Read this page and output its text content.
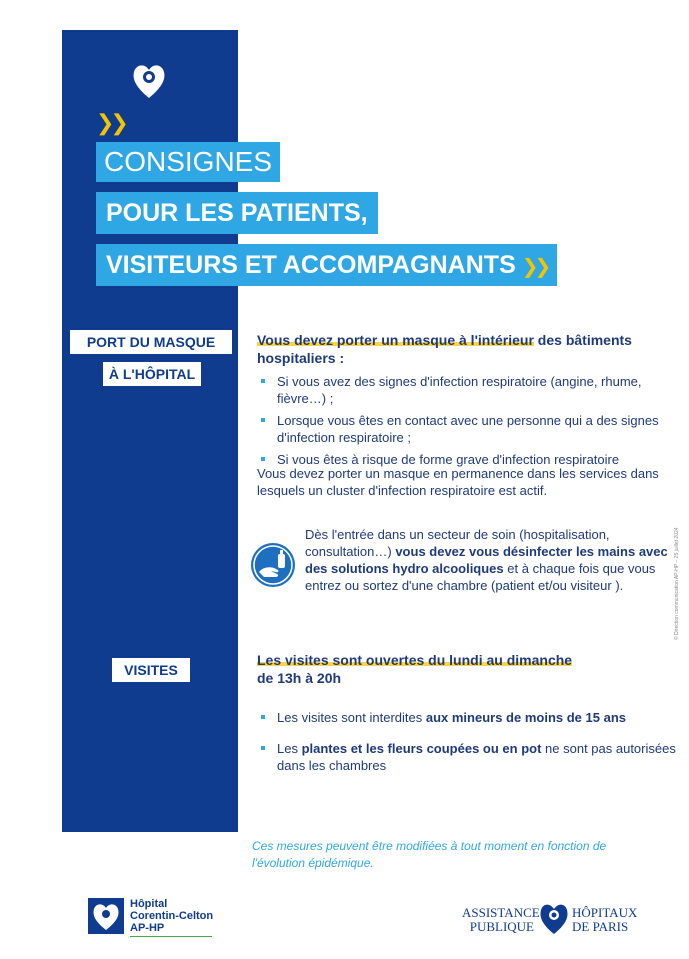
❯❯
CONSIGNES
POUR LES PATIENTS,
VISITEURS ET ACCOMPAGNANTS ❯❯
PORT DU MASQUE
À L'HÔPITAL
Vous devez porter un masque à l'intérieur des bâtiments hospitaliers :
Si vous avez des signes d'infection respiratoire (angine, rhume, fièvre…) ;
Lorsque vous êtes en contact avec une personne qui a des signes d'infection respiratoire ;
Si vous êtes à risque de forme grave d'infection respiratoire
Vous devez porter un masque en permanence dans les services dans lesquels un cluster d'infection respiratoire est actif.
Dès l'entrée dans un secteur de soin (hospitalisation, consultation…) vous devez vous désinfecter les mains avec des solutions hydro alcooliques et à chaque fois que vous entrez ou sortez d'une chambre (patient et/ou visiteur ).
VISITES
Les visites sont ouvertes du lundi au dimanche
de 13h à 20h
Les visites sont interdites aux mineurs de moins de 15 ans
Les plantes et les fleurs coupées ou en pot ne sont pas autorisées dans les chambres
Ces mesures peuvent être modifiées à tout moment en fonction de l'évolution épidémique.
© Direction communication AP-HP – 25 juillet 2024
Hôpital
Corentin-Celton
AP-HP
ASSISTANCE
PUBLIQUE
HÔPITAUX
DE PARIS
